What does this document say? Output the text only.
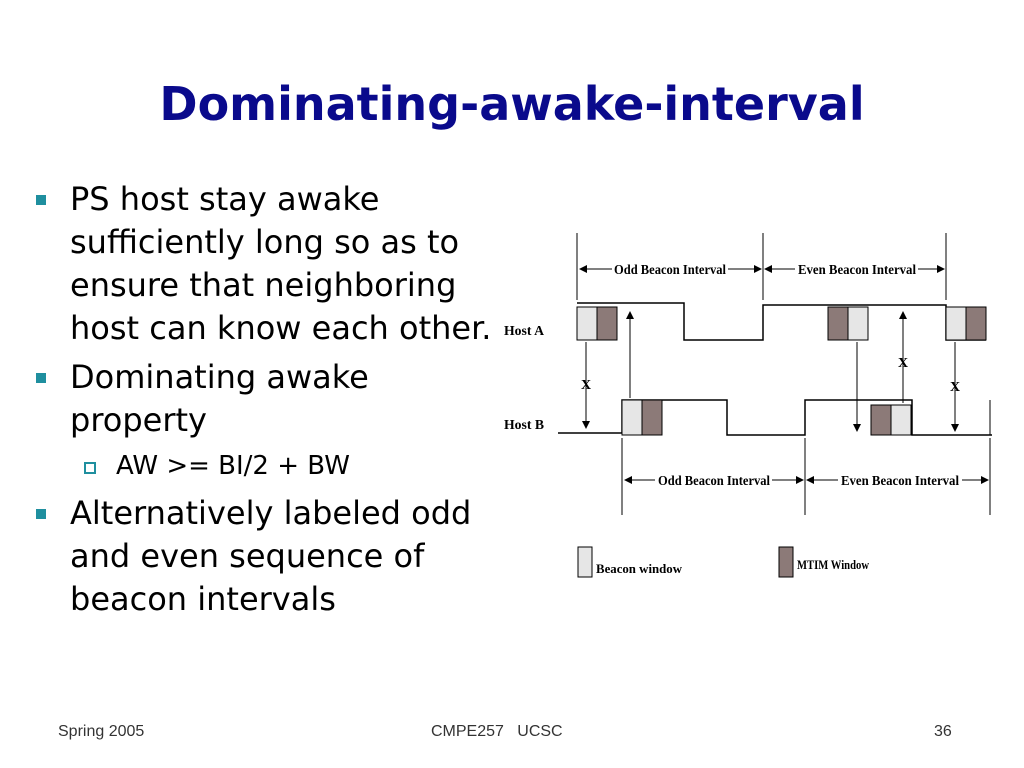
Dominating-awake-interval
PS host stay awake sufficiently long so as to ensure that neighboring host can know each other.
Dominating awake property
AW >= BI/2 + BW
Alternatively labeled odd and even sequence of beacon intervals
Odd Beacon Interval	Even Beacon Interval
Host A
Host B
X
X
X
Odd Beacon Interval	Even Beacon Interval
Beacon window	MTIM Window
Spring 2005	CMPE257   UCSC	36
